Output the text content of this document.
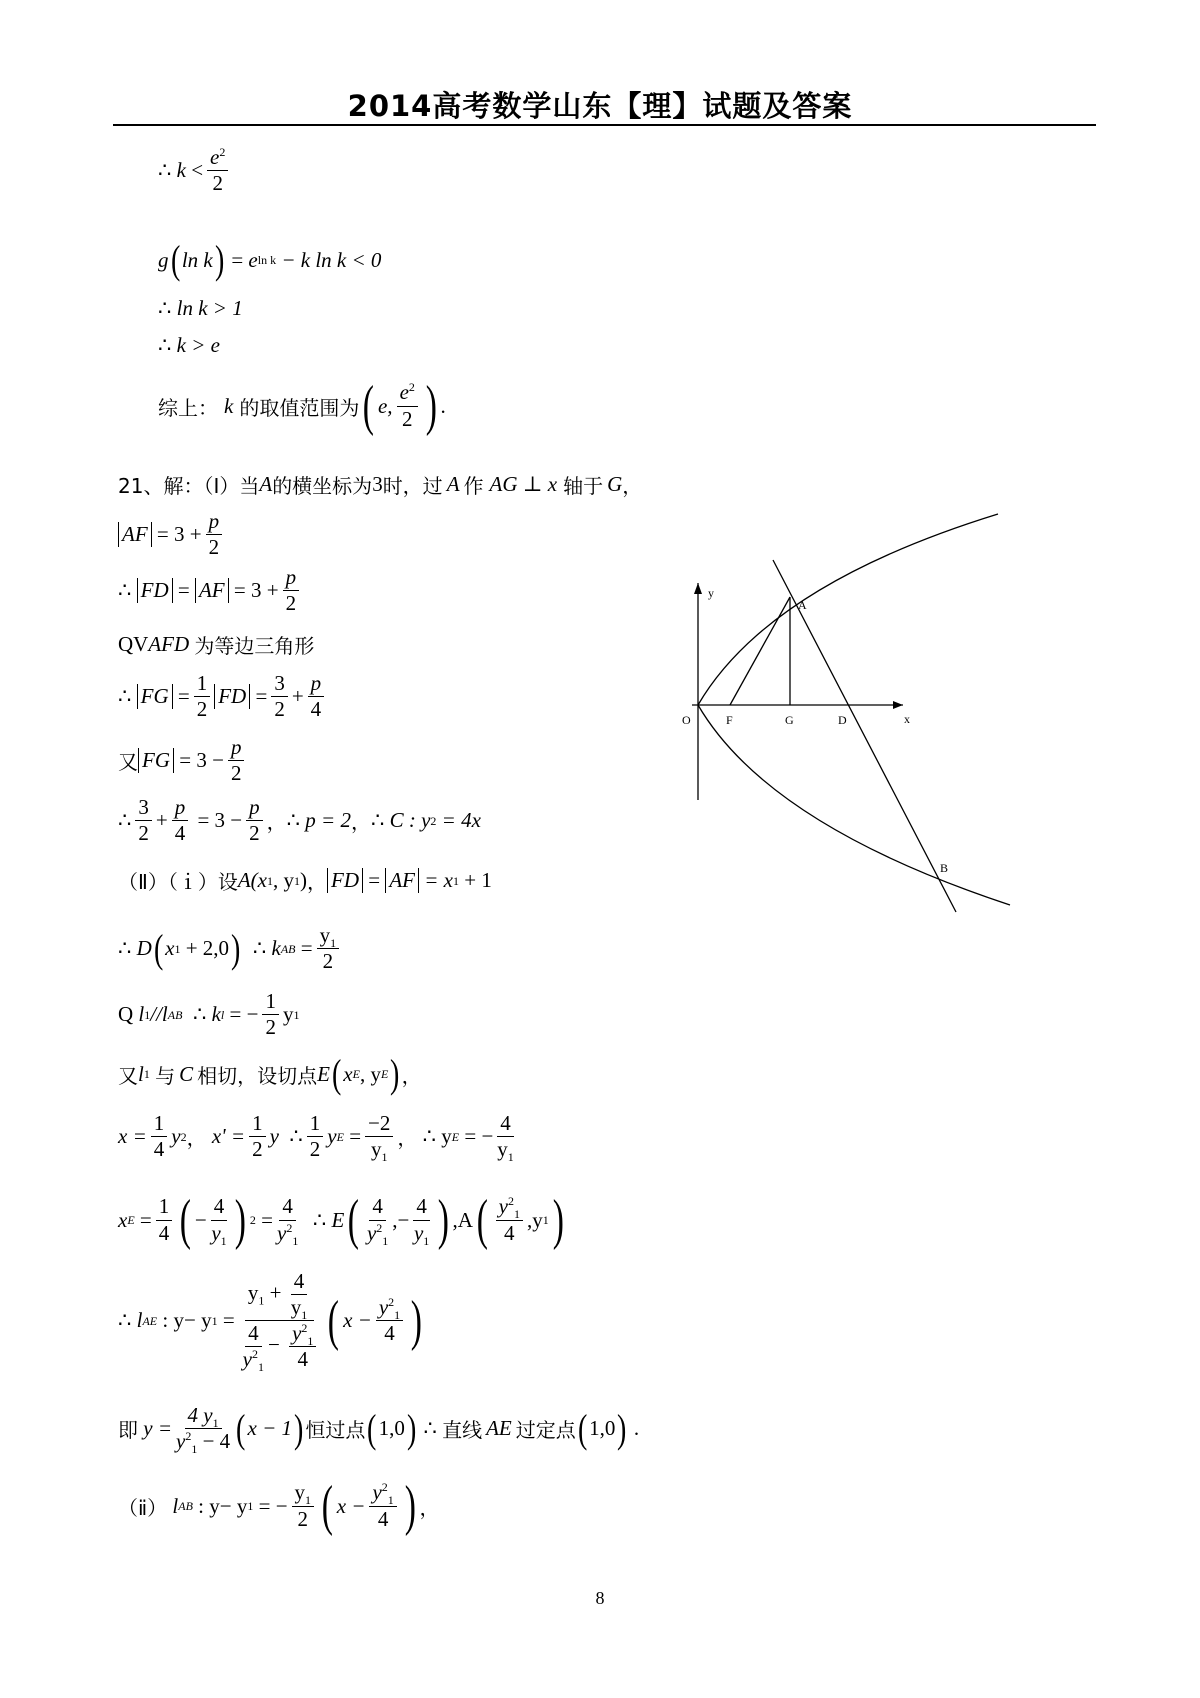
2014高考数学山东【理】试题及答案
∴
k
< $\frac{e^2}{2}$
g ( ln k )
=
e ln k
− k ln k < 0
∴
ln k > 1
∴
k > e
综上： k 的取值范围为 ( e, $\frac{e^2}{2}$ ) .
21、解：（Ⅰ）当 A 的横坐标为 3 时，过 A 作 AG ⊥ x 轴于 G ，
AF
= $3 + \frac{p}{2}$
∴
FD = AF
= $3 + \frac{p}{2}$
QV AFD
为等边三角形
∴
FG = $\frac{1}{2}$ FD = $\frac{3}{2} + \frac{p}{4}$
又 FG
= $3 - \frac{p}{2}$
∴ $\frac{3}{2} + \frac{p}{4}$
= $3 - \frac{p}{2}$ ， ∴
p = 2 ， ∴
C : y 2
= 4x
（Ⅱ）（ｉ）设 A(x 1 , y 1 ) ， FD = AF
= x 1
+ 1
∴
D ( x 1
+ 2,0 )
∴
k AB = $\frac{y_1}{2}$
Q
l 1 //l AB
∴
k l = − $\frac{1}{2}$ y 1
又 l 1
与 C 相切，设切点 E ( x E , y E ) ，
$x = \frac{1}{4}$ y 2 ，
$x' = \frac{1}{2}$ y
∴ $\frac{1}{2}$ y $E = \frac{-2}{y_1}$ ，
∴
y E = − $\frac{4}{y_1}$
x $E = \frac{1}{4}$ ( − $\frac{4}{y_1}$ ) $2 = \frac{4}{y^2_1}$
∴
E ( $\frac{4}{y^2_1}$ , − $\frac{4}{y_1}$ ) , A ( $\frac{y^2_1}{4}$ , y 1 )
∴
l AE
: y− y $1 = \frac{y_1 + \frac{4}{y_1}}{\frac{4}{y^2_1} - \frac{y^2_1}{4}}$ ( $x - \frac{y^2_1}{4}$ )
即
$y = \frac{4 y_1}{y^2_1 - 4}$ ( x − 1 ) 恒过点 ( 1,0 )
∴
直线 AE 过定点 ( 1,0 )
.
（ⅱ）
l AB
: y− y 1
= − $\frac{y_1}{2}$ ( $x - \frac{y^2_1}{4}$ ) ，
y
x
O	F	G	D
A
B
8
